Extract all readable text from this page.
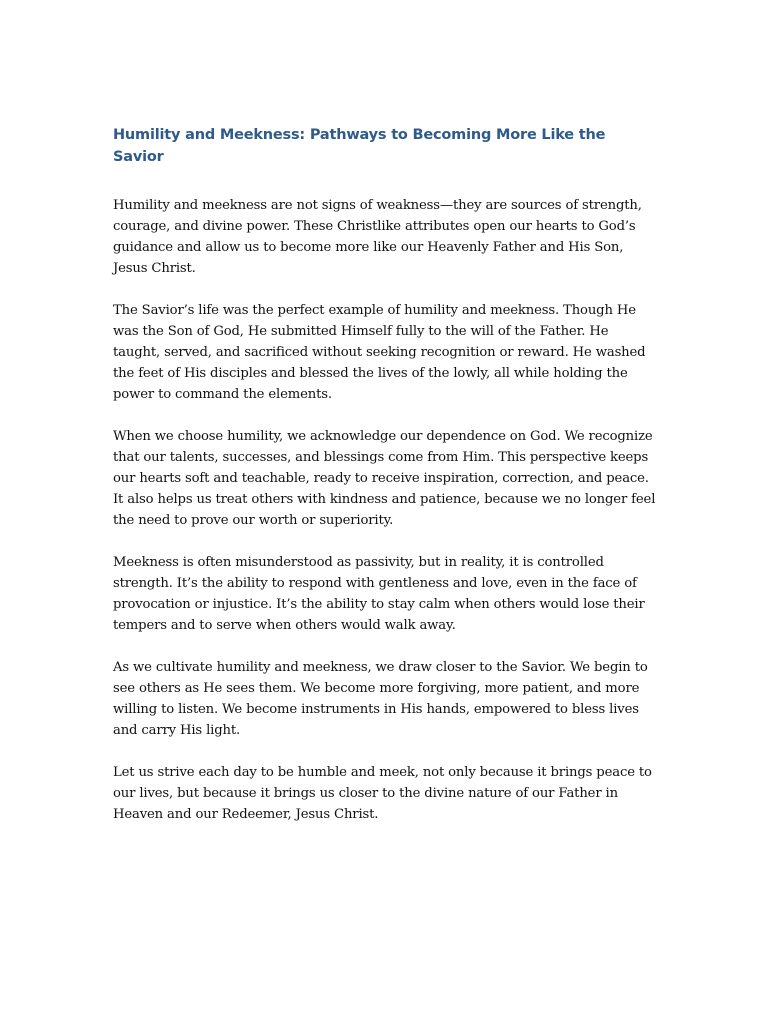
Humility and Meekness: Pathways to Becoming More Like the Savior

Humility and meekness are not signs of weakness—they are sources of strength, courage, and divine power. These Christlike attributes open our hearts to God’s guidance and allow us to become more like our Heavenly Father and His Son, Jesus Christ.

The Savior’s life was the perfect example of humility and meekness. Though He was the Son of God, He submitted Himself fully to the will of the Father. He taught, served, and sacrificed without seeking recognition or reward. He washed the feet of His disciples and blessed the lives of the lowly, all while holding the power to command the elements.

When we choose humility, we acknowledge our dependence on God. We recognize that our talents, successes, and blessings come from Him. This perspective keeps our hearts soft and teachable, ready to receive inspiration, correction, and peace. It also helps us treat others with kindness and patience, because we no longer feel the need to prove our worth or superiority.

Meekness is often misunderstood as passivity, but in reality, it is controlled strength. It’s the ability to respond with gentleness and love, even in the face of provocation or injustice. It’s the ability to stay calm when others would lose their tempers and to serve when others would walk away.

As we cultivate humility and meekness, we draw closer to the Savior. We begin to see others as He sees them. We become more forgiving, more patient, and more willing to listen. We become instruments in His hands, empowered to bless lives and carry His light.

Let us strive each day to be humble and meek, not only because it brings peace to our lives, but because it brings us closer to the divine nature of our Father in Heaven and our Redeemer, Jesus Christ.
